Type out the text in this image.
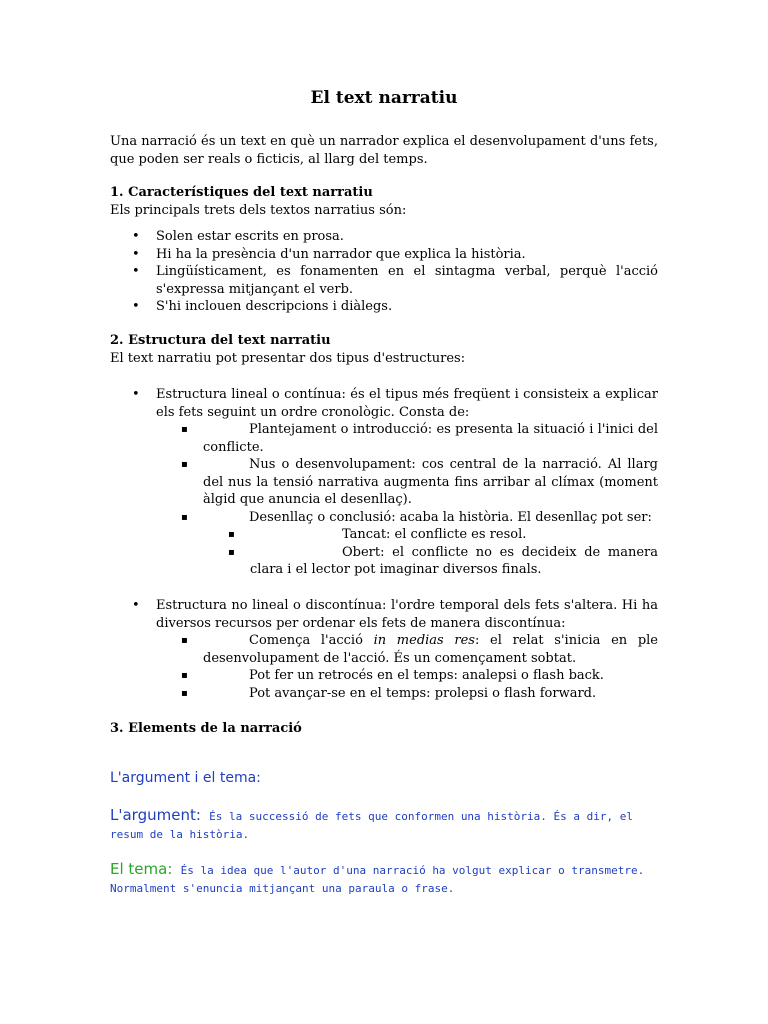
El text narratiu
Una narració és un text en què un narrador explica el desenvolupament d'uns fets, que poden ser reals o ficticis, al llarg del temps.
1. Característiques del text narratiu
Els principals trets dels textos narratius són:
• Solen estar escrits en prosa.
• Hi ha la presència d'un narrador que explica la història.
• Lingüísticament, es fonamenten en el sintagma verbal, perquè l'acció s'expressa mitjançant el verb.
• S'hi inclouen descripcions i diàlegs.
2. Estructura del text narratiu
El text narratiu pot presentar dos tipus d'estructures:
• Estructura lineal o contínua: és el tipus més freqüent i consisteix a explicar els fets seguint un ordre cronològic. Consta de:
▪ Plantejament o introducció: es presenta la situació i l'inici del conflicte.
▪ Nus o desenvolupament: cos central de la narració. Al llarg del nus la tensió narrativa augmenta fins arribar al clímax (moment àlgid que anuncia el desenllaç).
▪ Desenllaç o conclusió: acaba la història. El desenllaç pot ser:
▪ Tancat: el conflicte es resol.
▪ Obert: el conflicte no es decideix de manera clara i el lector pot imaginar diversos finals.
• Estructura no lineal o discontínua: l'ordre temporal dels fets s'altera. Hi ha diversos recursos per ordenar els fets de manera discontínua:
▪ Comença l'acció in medias res: el relat s'inicia en ple desenvolupament de l'acció. És un començament sobtat.
▪ Pot fer un retrocés en el temps: analepsi o flash back.
▪ Pot avançar-se en el temps: prolepsi o flash forward.
3. Elements de la narració
L'argument i el tema:
L'argument: És la successió de fets que conformen una història. És a dir, el resum de la història.
El tema: És la idea que l'autor d'una narració ha volgut explicar o transmetre. Normalment s'enuncia mitjançant una paraula o frase.
